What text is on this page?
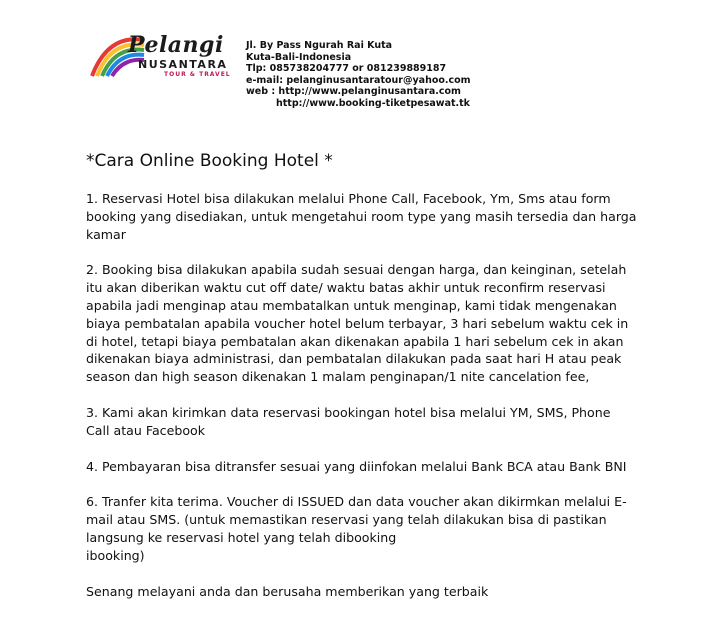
Pelangi
NUSANTARA
TOUR & TRAVEL
Jl. By Pass Ngurah Rai Kuta
Kuta-Bali-Indonesia
Tlp: 085738204777 or 081239889187
e-mail: pelanginusantaratour@yahoo.com
web : http://www.pelanginusantara.com
http://www.booking-tiketpesawat.tk
*Cara Online Booking Hotel *
1. Reservasi Hotel bisa dilakukan melalui Phone Call, Facebook, Ym, Sms atau form
booking yang disediakan, untuk mengetahui room type yang masih tersedia dan harga
kamar
2. Booking bisa dilakukan apabila sudah sesuai dengan harga, dan keinginan, setelah
itu akan diberikan waktu cut off date/ waktu batas akhir untuk reconfirm reservasi
apabila jadi menginap atau membatalkan untuk menginap, kami tidak mengenakan
biaya pembatalan apabila voucher hotel belum terbayar, 3 hari sebelum waktu cek in
di hotel, tetapi biaya pembatalan akan dikenakan apabila 1 hari sebelum cek in akan
dikenakan biaya administrasi, dan pembatalan dilakukan pada saat hari H atau peak
season dan high season dikenakan 1 malam penginapan/1 nite cancelation fee,
3. Kami akan kirimkan data reservasi bookingan hotel bisa melalui YM, SMS, Phone
Call atau Facebook
4. Pembayaran bisa ditransfer sesuai yang diinfokan melalui Bank BCA atau Bank BNI
6. Tranfer kita terima. Voucher di ISSUED dan data voucher akan dikirmkan melalui E-
mail atau SMS. (untuk memastikan reservasi yang telah dilakukan bisa di pastikan
langsung ke reservasi hotel yang telah dibooking
ibooking)
Senang melayani anda dan berusaha memberikan yang terbaik
